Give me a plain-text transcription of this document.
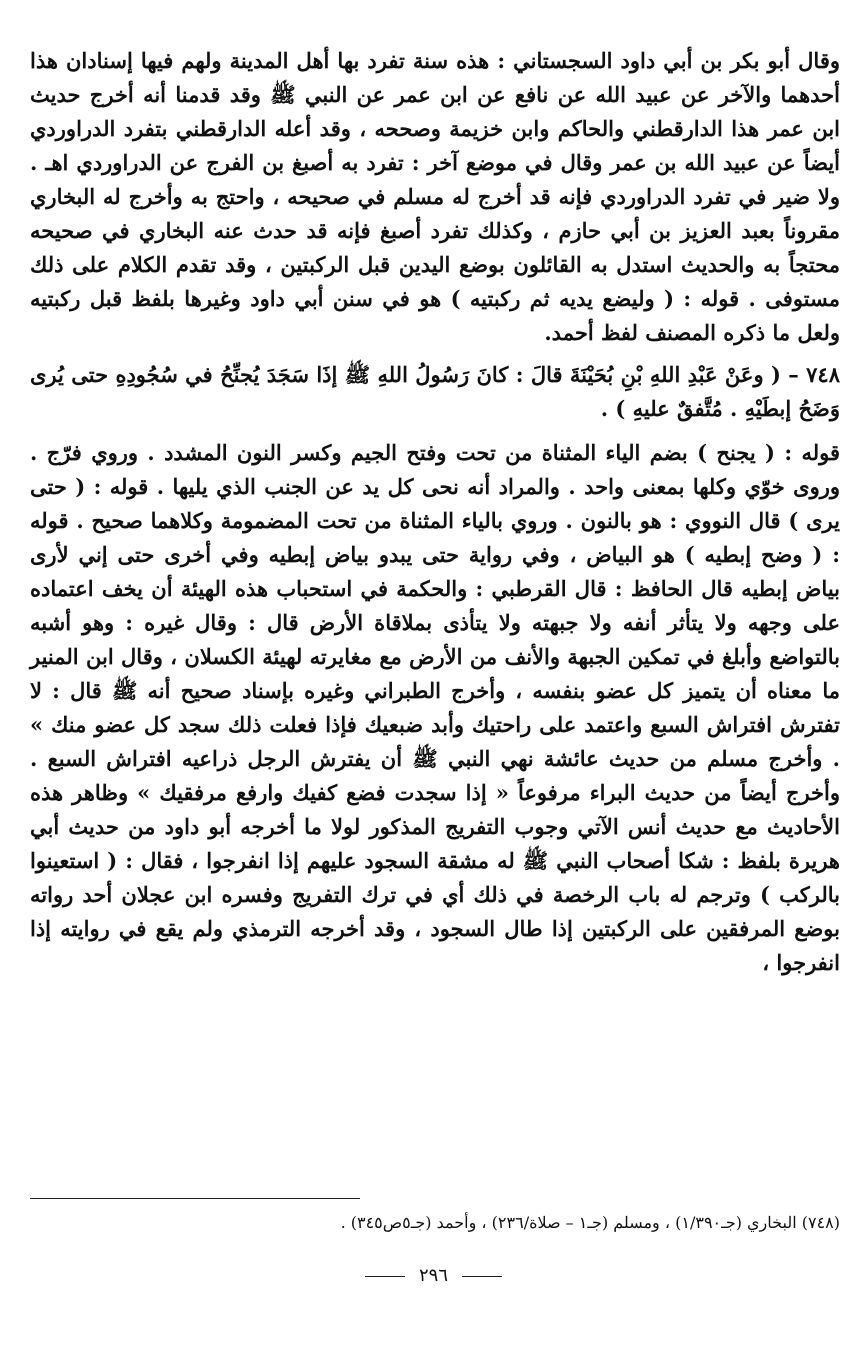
وقال أبو بكر بن أبي داود السجستاني : هذه سنة تفرد بها أهل المدينة ولهم فيها إسنادان هذا أحدهما والآخر عن عبيد الله عن نافع عن ابن عمر عن النبي ﷺ وقد قدمنا أنه أخرج حديث ابن عمر هذا الدارقطني والحاكم وابن خزيمة وصححه ، وقد أعله الدارقطني بتفرد الدراوردي أيضاً عن عبيد الله بن عمر وقال في موضع آخر : تفرد به أصبغ بن الفرج عن الدراوردي اهـ . ولا ضير في تفرد الدراوردي فإنه قد أخرج له مسلم في صحيحه ، واحتج به وأخرج له البخاري مقروناً بعبد العزيز بن أبي حازم ، وكذلك تفرد أصبغ فإنه قد حدث عنه البخاري في صحيحه محتجاً به والحديث استدل به القائلون بوضع اليدين قبل الركبتين ، وقد تقدم الكلام على ذلك مستوفى . قوله : ( وليضع يديه ثم ركبتيه ) هو في سنن أبي داود وغيرها بلفظ قبل ركبتيه ولعل ما ذكره المصنف لفظ أحمد.

٧٤٨ – ( وعَنْ عَبْدِ اللهِ بْنِ بُحَيْنَةَ قالَ : كانَ رَسُولُ اللهِ ﷺ إذَا سَجَدَ يُجنِّحُ في سُجُودِهِ حتى يُرى وَضَحُ إبطَيْهِ . مُتَّفقٌ عليهِ ) .

قوله : ( يجنح ) بضم الياء المثناة من تحت وفتح الجيم وكسر النون المشدد . وروي فرّج . وروى خوّي وكلها بمعنى واحد . والمراد أنه نحى كل يد عن الجنب الذي يليها . قوله : ( حتى يرى ) قال النووي : هو بالنون . وروي بالياء المثناة من تحت المضمومة وكلاهما صحيح . قوله : ( وضح إبطيه ) هو البياض ، وفي رواية حتى يبدو بياض إبطيه وفي أخرى حتى إني لأرى بياض إبطيه قال الحافظ : قال القرطبي : والحكمة في استحباب هذه الهيئة أن يخف اعتماده على وجهه ولا يتأثر أنفه ولا جبهته ولا يتأذى بملاقاة الأرض قال : وقال غيره : وهو أشبه بالتواضع وأبلغ في تمكين الجبهة والأنف من الأرض مع مغايرته لهيئة الكسلان ، وقال ابن المنير ما معناه أن يتميز كل عضو بنفسه ، وأخرج الطبراني وغيره بإسناد صحيح أنه ﷺ قال : لا تفترش افتراش السبع واعتمد على راحتيك وأبد ضبعيك فإذا فعلت ذلك سجد كل عضو منك » . وأخرج مسلم من حديث عائشة نهي النبي ﷺ أن يفترش الرجل ذراعيه افتراش السبع . وأخرج أيضاً من حديث البراء مرفوعاً « إذا سجدت فضع كفيك وارفع مرفقيك » وظاهر هذه الأحاديث مع حديث أنس الآتي وجوب التفريج المذكور لولا ما أخرجه أبو داود من حديث أبي هريرة بلفظ : شكا أصحاب النبي ﷺ له مشقة السجود عليهم إذا انفرجوا ، فقال : ( استعينوا بالركب ) وترجم له باب الرخصة في ذلك أي في ترك التفريج وفسره ابن عجلان أحد رواته بوضع المرفقين على الركبتين إذا طال السجود ، وقد أخرجه الترمذي ولم يقع في روايته إذا انفرجوا ،

(٧٤٨) البخاري (جـ١/٣٩٠) ، ومسلم (جـ١ – صلاة/٢٣٦) ، وأحمد (جـ٥ص٣٤٥) .
٢٩٦
